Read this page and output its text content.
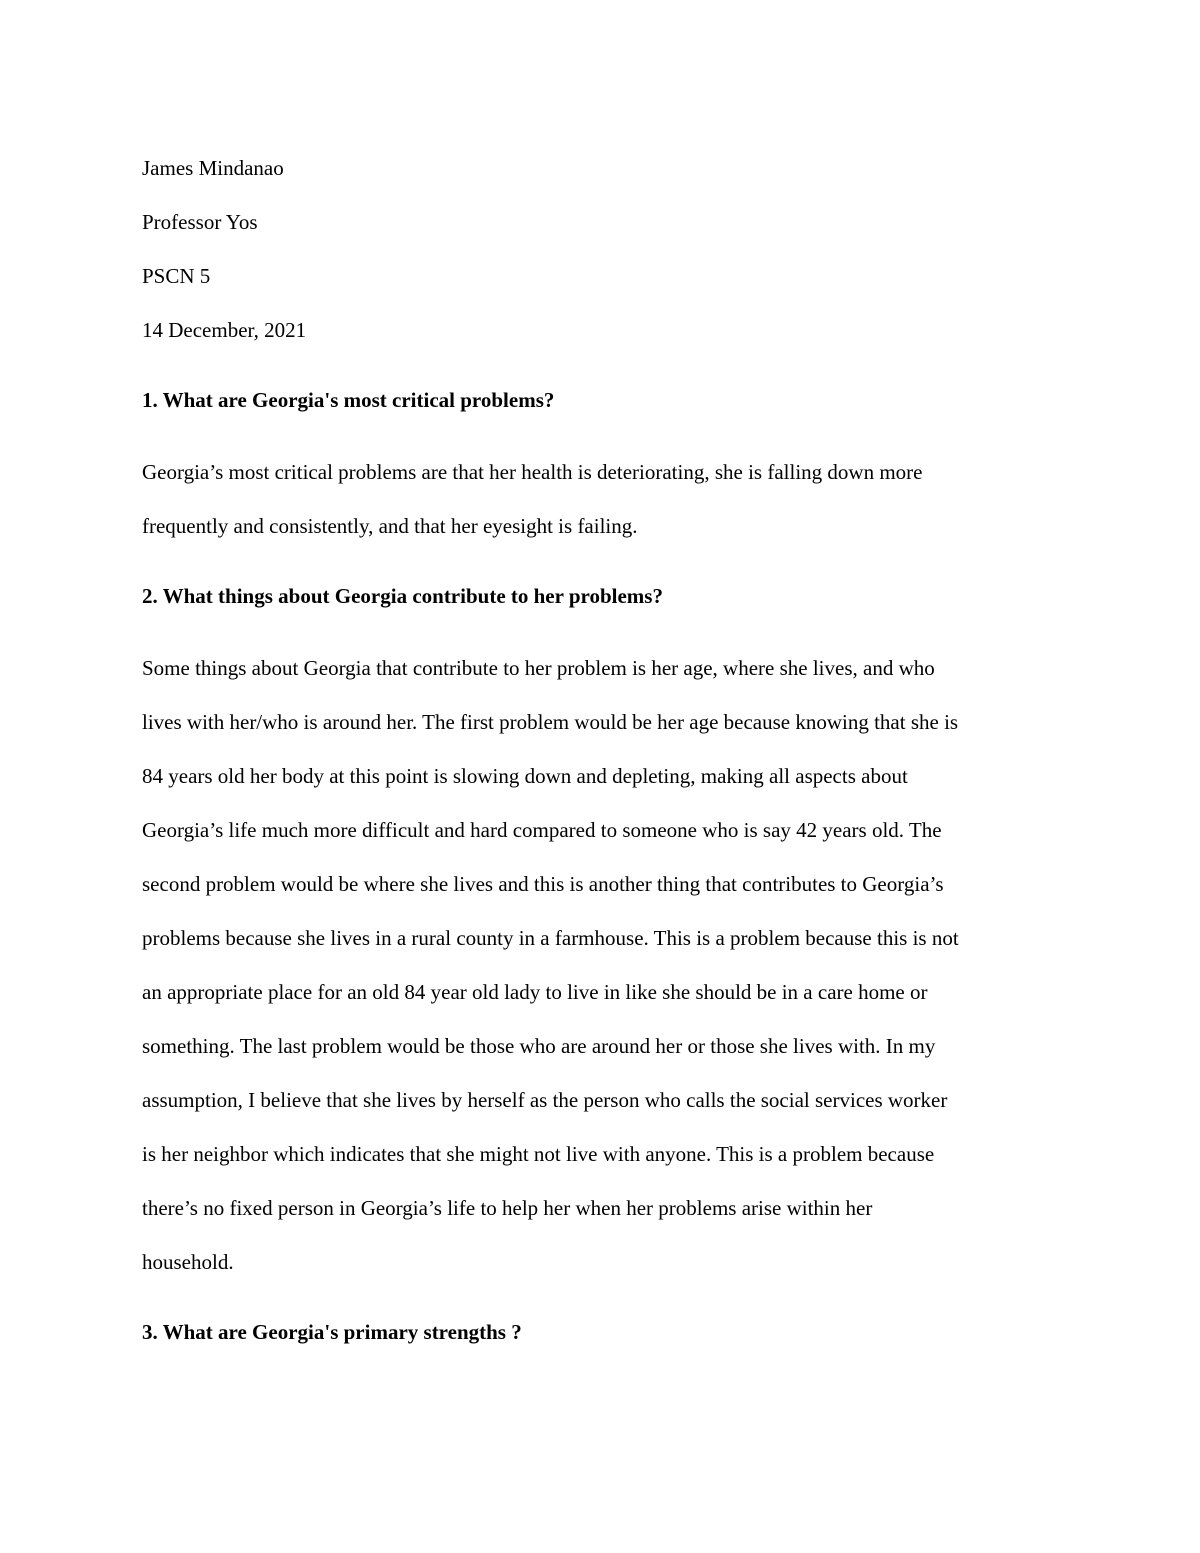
James Mindanao

Professor Yos

PSCN 5

14 December, 2021

1. What are Georgia's most critical problems?

Georgia’s most critical problems are that her health is deteriorating, she is falling down more
frequently and consistently, and that her eyesight is failing.

2. What things about Georgia contribute to her problems?

Some things about Georgia that contribute to her problem is her age, where she lives, and who
lives with her/who is around her. The first problem would be her age because knowing that she is
84 years old her body at this point is slowing down and depleting, making all aspects about
Georgia’s life much more difficult and hard compared to someone who is say 42 years old. The
second problem would be where she lives and this is another thing that contributes to Georgia’s
problems because she lives in a rural county in a farmhouse. This is a problem because this is not
an appropriate place for an old 84 year old lady to live in like she should be in a care home or
something. The last problem would be those who are around her or those she lives with. In my
assumption, I believe that she lives by herself as the person who calls the social services worker
is her neighbor which indicates that she might not live with anyone. This is a problem because
there’s no fixed person in Georgia’s life to help her when her problems arise within her
household.

3. What are Georgia's primary strengths ?
